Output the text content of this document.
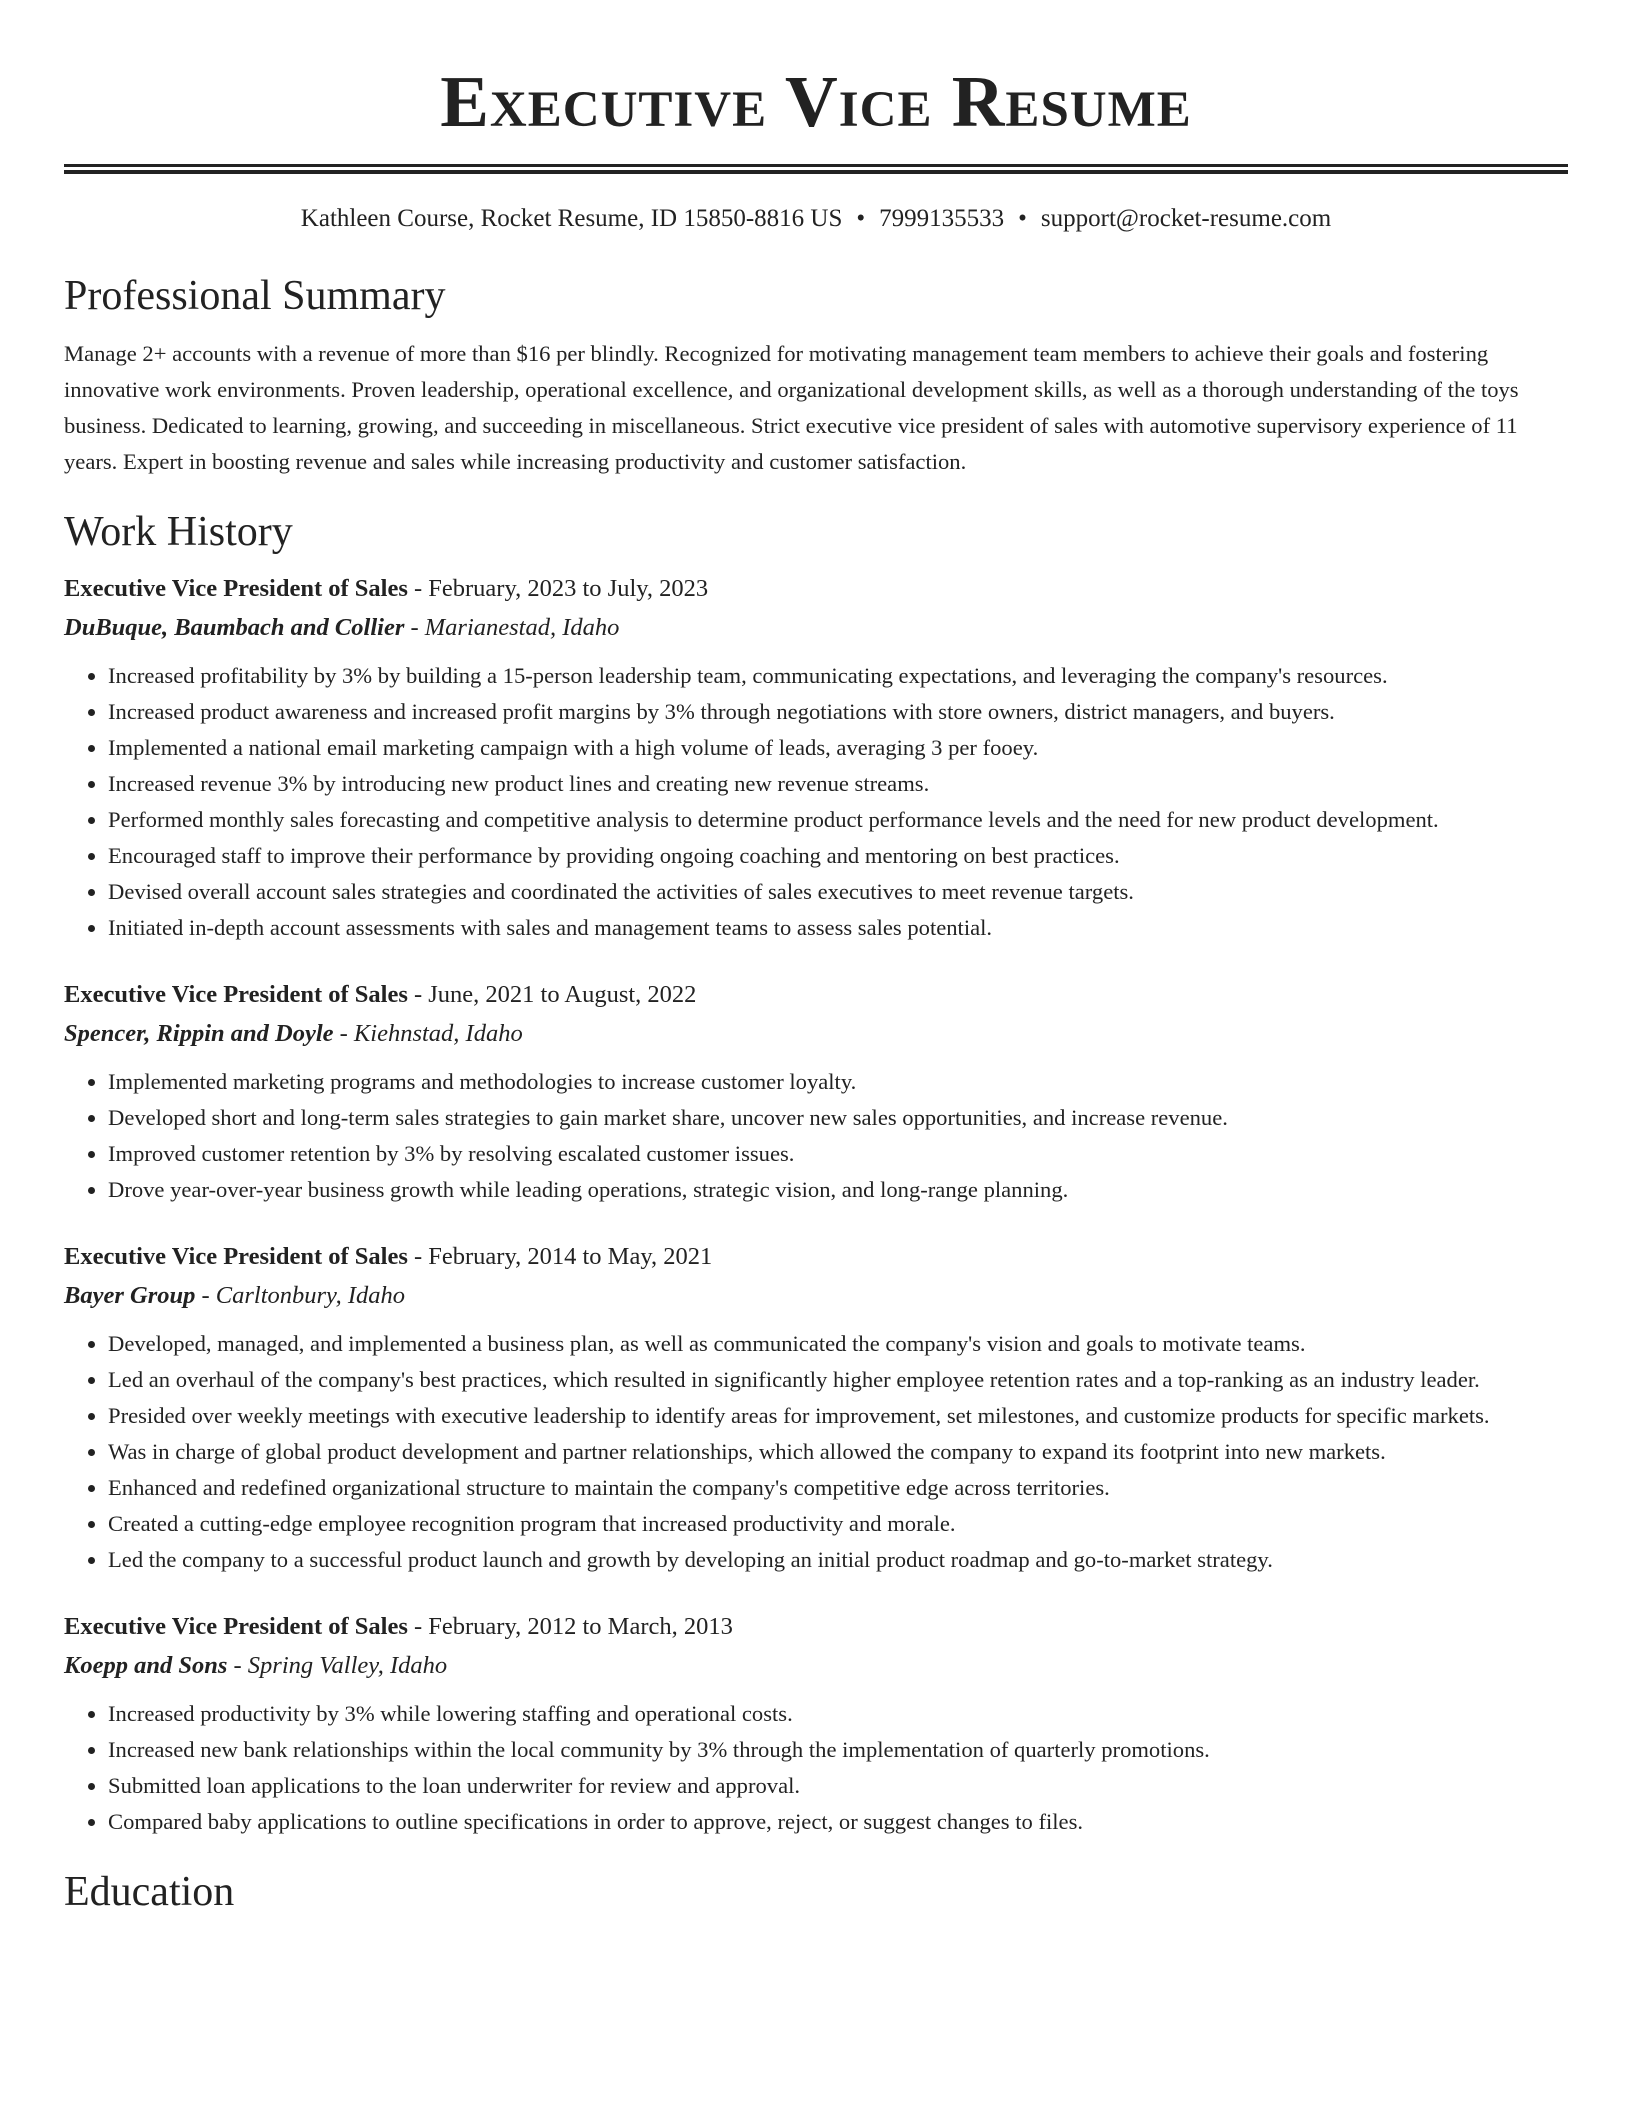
Executive Vice Resume
Kathleen Course, Rocket Resume, ID 15850-8816 US • 7999135533 • support@rocket-resume.com
Professional Summary

Manage 2+ accounts with a revenue of more than $16 per blindly. Recognized for motivating management team members to achieve their goals and fostering innovative work environments. Proven leadership, operational excellence, and organizational development skills, as well as a thorough understanding of the toys business. Dedicated to learning, growing, and succeeding in miscellaneous. Strict executive vice president of sales with automotive supervisory experience of 11 years. Expert in boosting revenue and sales while increasing productivity and customer satisfaction.

Work History
Executive Vice President of Sales - February, 2023 to July, 2023
DuBuque, Baumbach and Collier - Marianestad, Idaho
• Increased profitability by 3% by building a 15-person leadership team, communicating expectations, and leveraging the company's resources.
• Increased product awareness and increased profit margins by 3% through negotiations with store owners, district managers, and buyers.
• Implemented a national email marketing campaign with a high volume of leads, averaging 3 per fooey.
• Increased revenue 3% by introducing new product lines and creating new revenue streams.
• Performed monthly sales forecasting and competitive analysis to determine product performance levels and the need for new product development.
• Encouraged staff to improve their performance by providing ongoing coaching and mentoring on best practices.
• Devised overall account sales strategies and coordinated the activities of sales executives to meet revenue targets.
• Initiated in-depth account assessments with sales and management teams to assess sales potential.
Executive Vice President of Sales - June, 2021 to August, 2022
Spencer, Rippin and Doyle - Kiehnstad, Idaho
• Implemented marketing programs and methodologies to increase customer loyalty.
• Developed short and long-term sales strategies to gain market share, uncover new sales opportunities, and increase revenue.
• Improved customer retention by 3% by resolving escalated customer issues.
• Drove year-over-year business growth while leading operations, strategic vision, and long-range planning.
Executive Vice President of Sales - February, 2014 to May, 2021
Bayer Group - Carltonbury, Idaho
• Developed, managed, and implemented a business plan, as well as communicated the company's vision and goals to motivate teams.
• Led an overhaul of the company's best practices, which resulted in significantly higher employee retention rates and a top-ranking as an industry leader.
• Presided over weekly meetings with executive leadership to identify areas for improvement, set milestones, and customize products for specific markets.
• Was in charge of global product development and partner relationships, which allowed the company to expand its footprint into new markets.
• Enhanced and redefined organizational structure to maintain the company's competitive edge across territories.
• Created a cutting-edge employee recognition program that increased productivity and morale.
• Led the company to a successful product launch and growth by developing an initial product roadmap and go-to-market strategy.
Executive Vice President of Sales - February, 2012 to March, 2013
Koepp and Sons - Spring Valley, Idaho
• Increased productivity by 3% while lowering staffing and operational costs.
• Increased new bank relationships within the local community by 3% through the implementation of quarterly promotions.
• Submitted loan applications to the loan underwriter for review and approval.
• Compared baby applications to outline specifications in order to approve, reject, or suggest changes to files.
Education
